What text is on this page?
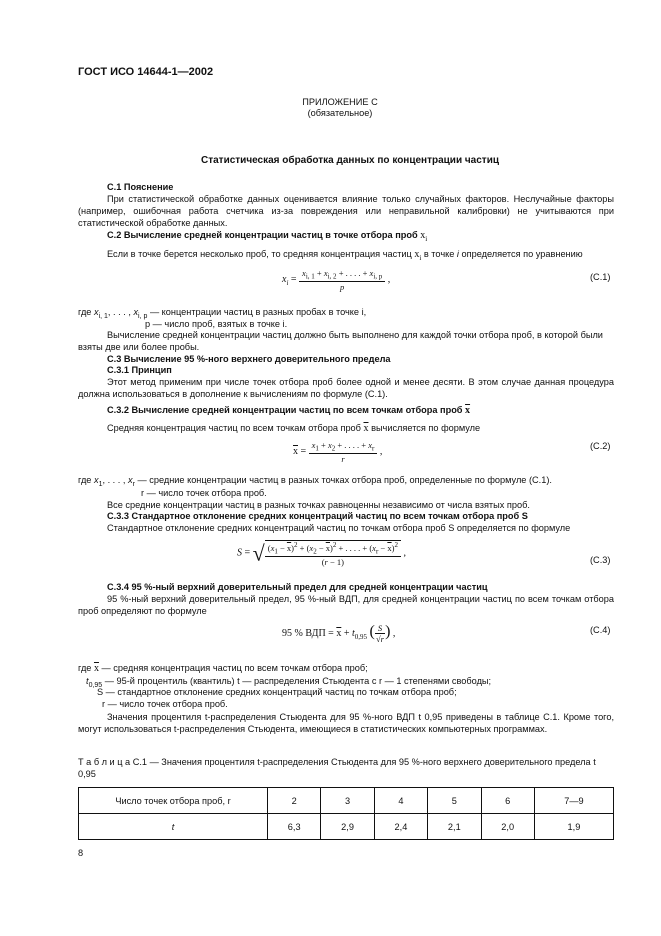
ГОСТ ИСО 14644-1—2002
ПРИЛОЖЕНИЕ С
(обязательное)
Статистическая обработка данных по концентрации частиц
С.1 Пояснение
При статистической обработке данных оценивается влияние только случайных факторов. Неслучайные факторы (например, ошибочная работа счетчика из-за повреждения или неправильной калибровки) не учитываются при статистической обработке данных.
С.2 Вычисление средней концентрации частиц в точке отбора проб $x_i$
Если в точке берется несколько проб, то средняя концентрация частиц $x_i$ в точке i определяется по уравнению
$x_i = \frac{x_{i, 1} + x_{i, 2} + . . . . + x_{i, p}}{p}$ ,	(С.1)
где $x_{i, 1}$, . . . , $x_{i, p}$ — концентрации частиц в разных пробах в точке i,
p — число проб, взятых в точке i.
Вычисление средней концентрации частиц должно быть выполнено для каждой точки отбора проб, в которой были взяты две или более пробы.
С.3 Вычисление 95 %-ного верхнего доверительного предела
С.3.1 Принцип
Этот метод применим при числе точек отбора проб более одной и менее десяти. В этом случае данная процедура должна использоваться в дополнение к вычислениям по формуле (С.1).
С.3.2 Вычисление средней концентрации частиц по всем точкам отбора проб $\overline{x}$
Средняя концентрация частиц по всем точкам отбора проб $\overline{x}$ вычисляется по формуле
$\overline{x} = \frac{x_1 + x_2 + . . . . + x_r}{r}$ ,
(С.2)
где $x_1$, . . . , $x_r$ — средние концентрации частиц в разных точках отбора проб, определенные по формуле (С.1).
r — число точек отбора проб.
Все средние концентрации частиц в разных точках равноценны независимо от числа взятых проб.
С.3.3 Стандартное отклонение средних концентраций частиц по всем точкам отбора проб S
Стандартное отклонение средних концентраций частиц по точкам отбора проб S определяется по формуле
S = √ $\frac{(x_1 - \overline{x})^2 + (x_2 - \overline{x})^2 + . . . . + (x_r - \overline{x})^2}{(r - 1)}$ ,
(С.3)
С.3.4 95 %-ный верхний доверительный предел для средней концентрации частиц
95 %-ный верхний доверительный предел, 95 %-ный ВДП, для средней концентрации частиц по всем точкам отбора проб определяют по формуле
95 % ВДП = $\overline{x} + t_{0,95}$ ( $\frac{S}{√r}$ ) ,	(С.4)
где $\overline{x}$ — средняя концентрация частиц по всем точкам отбора проб;
$t_{0,95}$ — 95-й процентиль (квантиль) t — распределения Стьюдента с r — 1 степенями свободы;
S — стандартное отклонение средних концентраций частиц по точкам отбора проб;
r — число точек отбора проб.
Значения процентиля t-распределения Стьюдента для 95 %-ного ВДП t 0,95 приведены в таблице С.1. Кроме того, могут использоваться t-распределения Стьюдента, имеющиеся в статистических компьютерных программах.
Т а б л и ц а С.1 — Значения процентиля t-распределения Стьюдента для 95 %-ного верхнего доверительного предела t 0,95
Число точек отбора проб, r	2	3	4	5	6	7—9
t	6,3	2,9	2,4	2,1	2,0	1,9
8
